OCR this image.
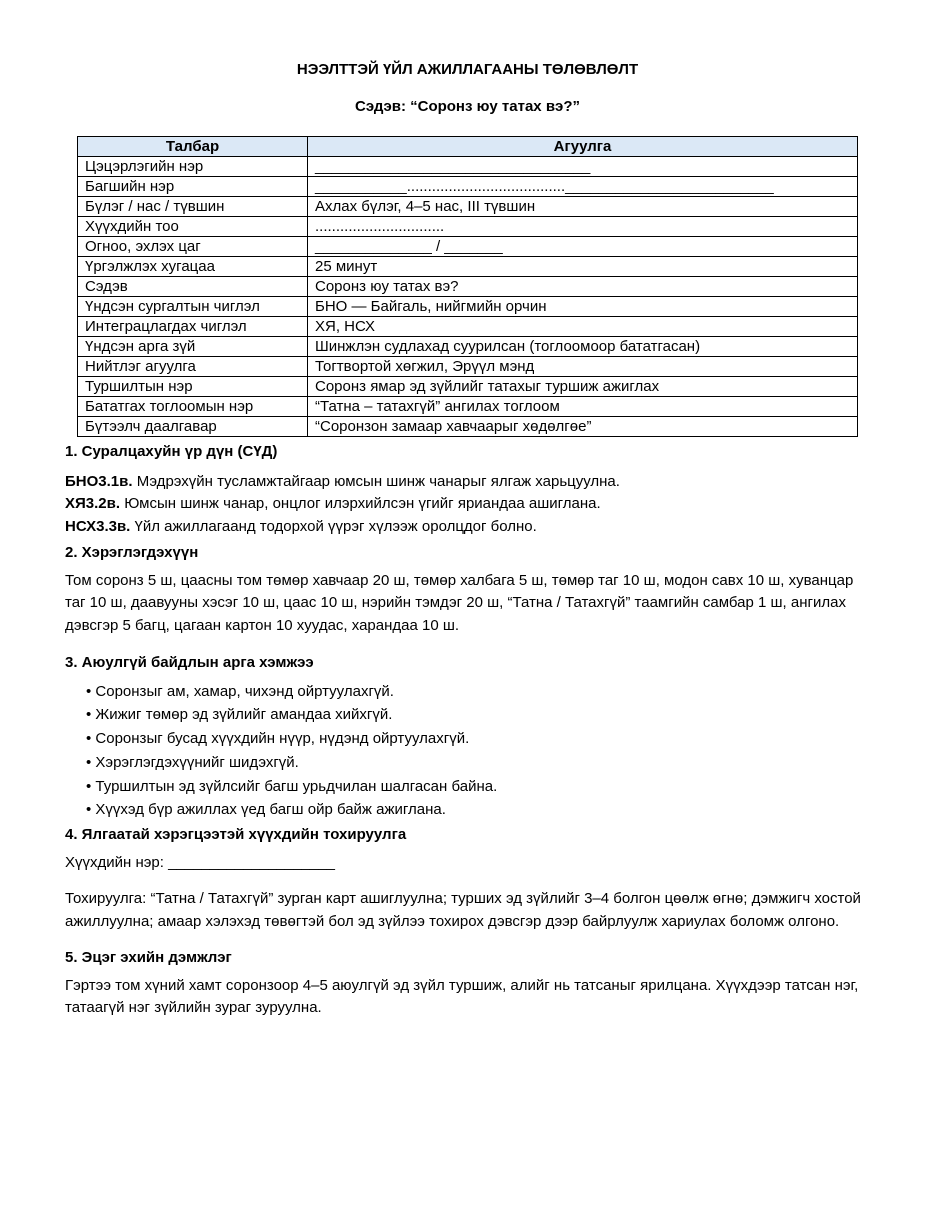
НЭЭЛТТЭЙ ҮЙЛ АЖИЛЛАГААНЫ ТӨЛӨВЛӨЛТ
Сэдэв: “Соронз юу татах вэ?”
Талбар	Агуулга
Цэцэрлэгийн нэр	_________________________________
Багшийн нэр	___________......................................_________________________
Бүлэг / нас / түвшин	Ахлах бүлэг, 4–5 нас, III түвшин
Хүүхдийн тоо	...............................
Огноо, эхлэх цаг	______________ / _______
Үргэлжлэх хугацаа	25 минут
Сэдэв	Соронз юу татах вэ?
Үндсэн сургалтын чиглэл	БНО — Байгаль, нийгмийн орчин
Интеграцлагдах чиглэл	ХЯ, НСХ
Үндсэн арга зүй	Шинжлэн судлахад суурилсан (тоглоомоор бататгасан)
Нийтлэг агуулга	Тогтвортой хөгжил, Эрүүл мэнд
Туршилтын нэр	Соронз ямар эд зүйлийг татахыг туршиж ажиглах
Бататгах тоглоомын нэр	“Татна – татахгүй” ангилах тоглоом
Бүтээлч даалгавар	“Соронзон замаар хавчаарыг хөдөлгөе”

1. Суралцахуйн үр дүн (СҮД)

БНО3.1в. Мэдрэхүйн тусламжтайгаар юмсын шинж чанарыг ялгаж харьцуулна.

ХЯ3.2в. Юмсын шинж чанар, онцлог илэрхийлсэн үгийг яриандаа ашиглана.

НСХ3.3в. Үйл ажиллагаанд тодорхой үүрэг хүлээж оролцдог болно.

2. Хэрэглэгдэхүүн

Том соронз 5 ш, цаасны том төмөр хавчаар 20 ш, төмөр халбага 5 ш, төмөр таг 10 ш, модон савх 10 ш, хуванцар таг 10 ш, даавууны хэсэг 10 ш, цаас 10 ш, нэрийн тэмдэг 20 ш, “Татна / Татахгүй” таамгийн самбар 1 ш, ангилах дэвсгэр 5 багц, цагаан картон 10 хуудас, харандаа 10 ш.

3. Аюулгүй байдлын арга хэмжээ

• Соронзыг ам, хамар, чихэнд ойртуулахгүй.
• Жижиг төмөр эд зүйлийг амандаа хийхгүй.
• Соронзыг бусад хүүхдийн нүүр, нүдэнд ойртуулахгүй.
• Хэрэглэгдэхүүнийг шидэхгүй.
• Туршилтын эд зүйлсийг багш урьдчилан шалгасан байна.
• Хүүхэд бүр ажиллах үед багш ойр байж ажиглана.

4. Ялгаатай хэрэгцээтэй хүүхдийн тохируулга

Хүүхдийн нэр: ____________________

Тохируулга: “Татна / Татахгүй” зурган карт ашиглуулна; турших эд зүйлийг 3–4 болгон цөөлж өгнө; дэмжигч хостой ажиллуулна; амаар хэлэхэд төвөгтэй бол эд зүйлээ тохирох дэвсгэр дээр байрлуулж хариулах боломж олгоно.

5. Эцэг эхийн дэмжлэг

Гэртээ том хүний хамт соронзоор 4–5 аюулгүй эд зүйл туршиж, алийг нь татсаныг ярилцана. Хүүхдээр татсан нэг, татаагүй нэг зүйлийн зураг зуруулна.
